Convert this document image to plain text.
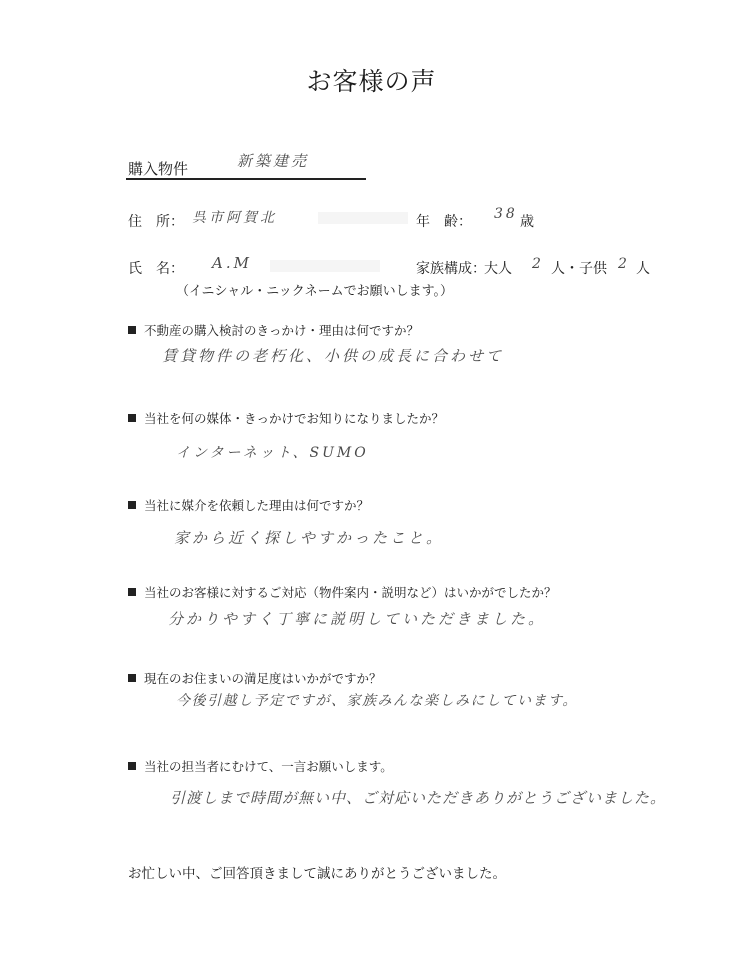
お客様の声
購入物件	新築建売
住　所： 呉市阿賀北	年　齢： 38 歳
氏　名： A.M	家族構成：
大人 2 人・子供 2 人
（イニシャル・ニックネームでお願いします。）
不動産の購入検討のきっかけ・理由は何ですか？
賃貸物件の老朽化、小供の成長に合わせて
当社を何の媒体・きっかけでお知りになりましたか？
インターネット、SUMO
当社に媒介を依頼した理由は何ですか？
家から近く探しやすかったこと。
当社のお客様に対するご対応（物件案内・説明など）はいかがでしたか？
分かりやすく丁寧に説明していただきました。
現在のお住まいの満足度はいかがですか？
今後引越し予定ですが、家族みんな楽しみにしています。
当社の担当者にむけて、一言お願いします。
引渡しまで時間が無い中、ご対応いただきありがとうございました。
お忙しい中、ご回答頂きまして誠にありがとうございました。
